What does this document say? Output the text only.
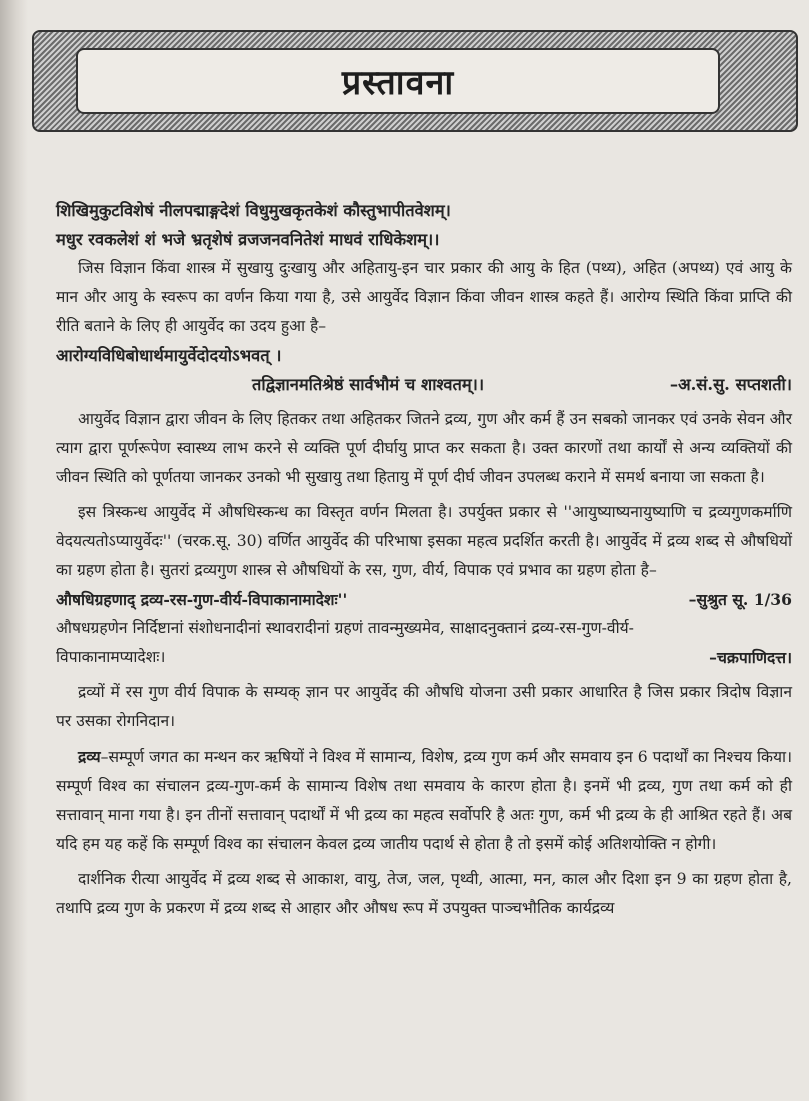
प्रस्तावना

शिखिमुकुटविशेषं नीलपद्माङ्गदेशं विधुमुखकृतकेशं कौस्तुभापीतवेशम्।

मधुर रवकलेशं शं भजे भ्रतृशेषं व्रजजनवनितेशं माधवं राधिकेशम्।।

जिस विज्ञान किंवा शास्त्र में सुखायु दुःखायु और अहितायु-इन चार प्रकार की आयु के हित (पथ्य), अहित (अपथ्य) एवं आयु के मान और आयु के स्वरूप का वर्णन किया गया है, उसे आयुर्वेद विज्ञान किंवा जीवन शास्त्र कहते हैं। आरोग्य स्थिति किंवा प्राप्ति की रीति बताने के लिए ही आयुर्वेद का उदय हुआ है–

आरोग्यविधिबोधार्थमायुर्वेदोदयोऽभवत् ।

तद्विज्ञानमतिश्रेष्ठं सार्वभौमं च शाश्वतम्।।	–अ.सं.सु. सप्तशती।

आयुर्वेद विज्ञान द्वारा जीवन के लिए हितकर तथा अहितकर जितने द्रव्य, गुण और कर्म हैं उन सबको जानकर एवं उनके सेवन और त्याग द्वारा पूर्णरूपेण स्वास्थ्य लाभ करने से व्यक्ति पूर्ण दीर्घायु प्राप्त कर सकता है। उक्त कारणों तथा कार्यों से अन्य व्यक्तियों की जीवन स्थिति को पूर्णतया जानकर उनको भी सुखायु तथा हितायु में पूर्ण दीर्घ जीवन उपलब्ध कराने में समर्थ बनाया जा सकता है।

इस त्रिस्कन्ध आयुर्वेद में औषधिस्कन्ध का विस्तृत वर्णन मिलता है। उपर्युक्त प्रकार से ''आयुष्याष्यनायुष्याणि च द्रव्यगुणकर्माणि वेदयत्यतोऽप्यायुर्वेदः'' (चरक.सू. 30) वर्णित आयुर्वेद की परिभाषा इसका महत्व प्रदर्शित करती है। आयुर्वेद में द्रव्य शब्द से औषधियों का ग्रहण होता है। सुतरां द्रव्यगुण शास्त्र से औषधियों के रस, गुण, वीर्य, विपाक एवं प्रभाव का ग्रहण होता है–

औषधिग्रहणाद् द्रव्य-रस-गुण-वीर्य-विपाकानामादेशः''	–सुश्रुत सू. 1/36

औषधग्रहणेन निर्दिष्टानां संशोधनादीनां स्थावरादीनां ग्रहणं तावन्मुख्यमेव, साक्षादनुक्तानं द्रव्य-रस-गुण-वीर्य-

विपाकानामप्यादेशः।	–चक्रपाणिदत्त।

द्रव्यों में रस गुण वीर्य विपाक के सम्यक् ज्ञान पर आयुर्वेद की औषधि योजना उसी प्रकार आधारित है जिस प्रकार त्रिदोष विज्ञान पर उसका रोगनिदान।

द्रव्य–सम्पूर्ण जगत का मन्थन कर ऋषियों ने विश्व में सामान्य, विशेष, द्रव्य गुण कर्म और समवाय इन 6 पदार्थों का निश्चय किया। सम्पूर्ण विश्व का संचालन द्रव्य-गुण-कर्म के सामान्य विशेष तथा समवाय के कारण होता है। इनमें भी द्रव्य, गुण तथा कर्म को ही सत्तावान् माना गया है। इन तीनों सत्तावान् पदार्थों में भी द्रव्य का महत्व सर्वोपरि है अतः गुण, कर्म भी द्रव्य के ही आश्रित रहते हैं। अब यदि हम यह कहें कि सम्पूर्ण विश्व का संचालन केवल द्रव्य जातीय पदार्थ से होता है तो इसमें कोई अतिशयोक्ति न होगी।

दार्शनिक रीत्या आयुर्वेद में द्रव्य शब्द से आकाश, वायु, तेज, जल, पृथ्वी, आत्मा, मन, काल और दिशा इन 9 का ग्रहण होता है, तथापि द्रव्य गुण के प्रकरण में द्रव्य शब्द से आहार और औषध रूप में उपयुक्त पाञ्चभौतिक कार्यद्रव्य
